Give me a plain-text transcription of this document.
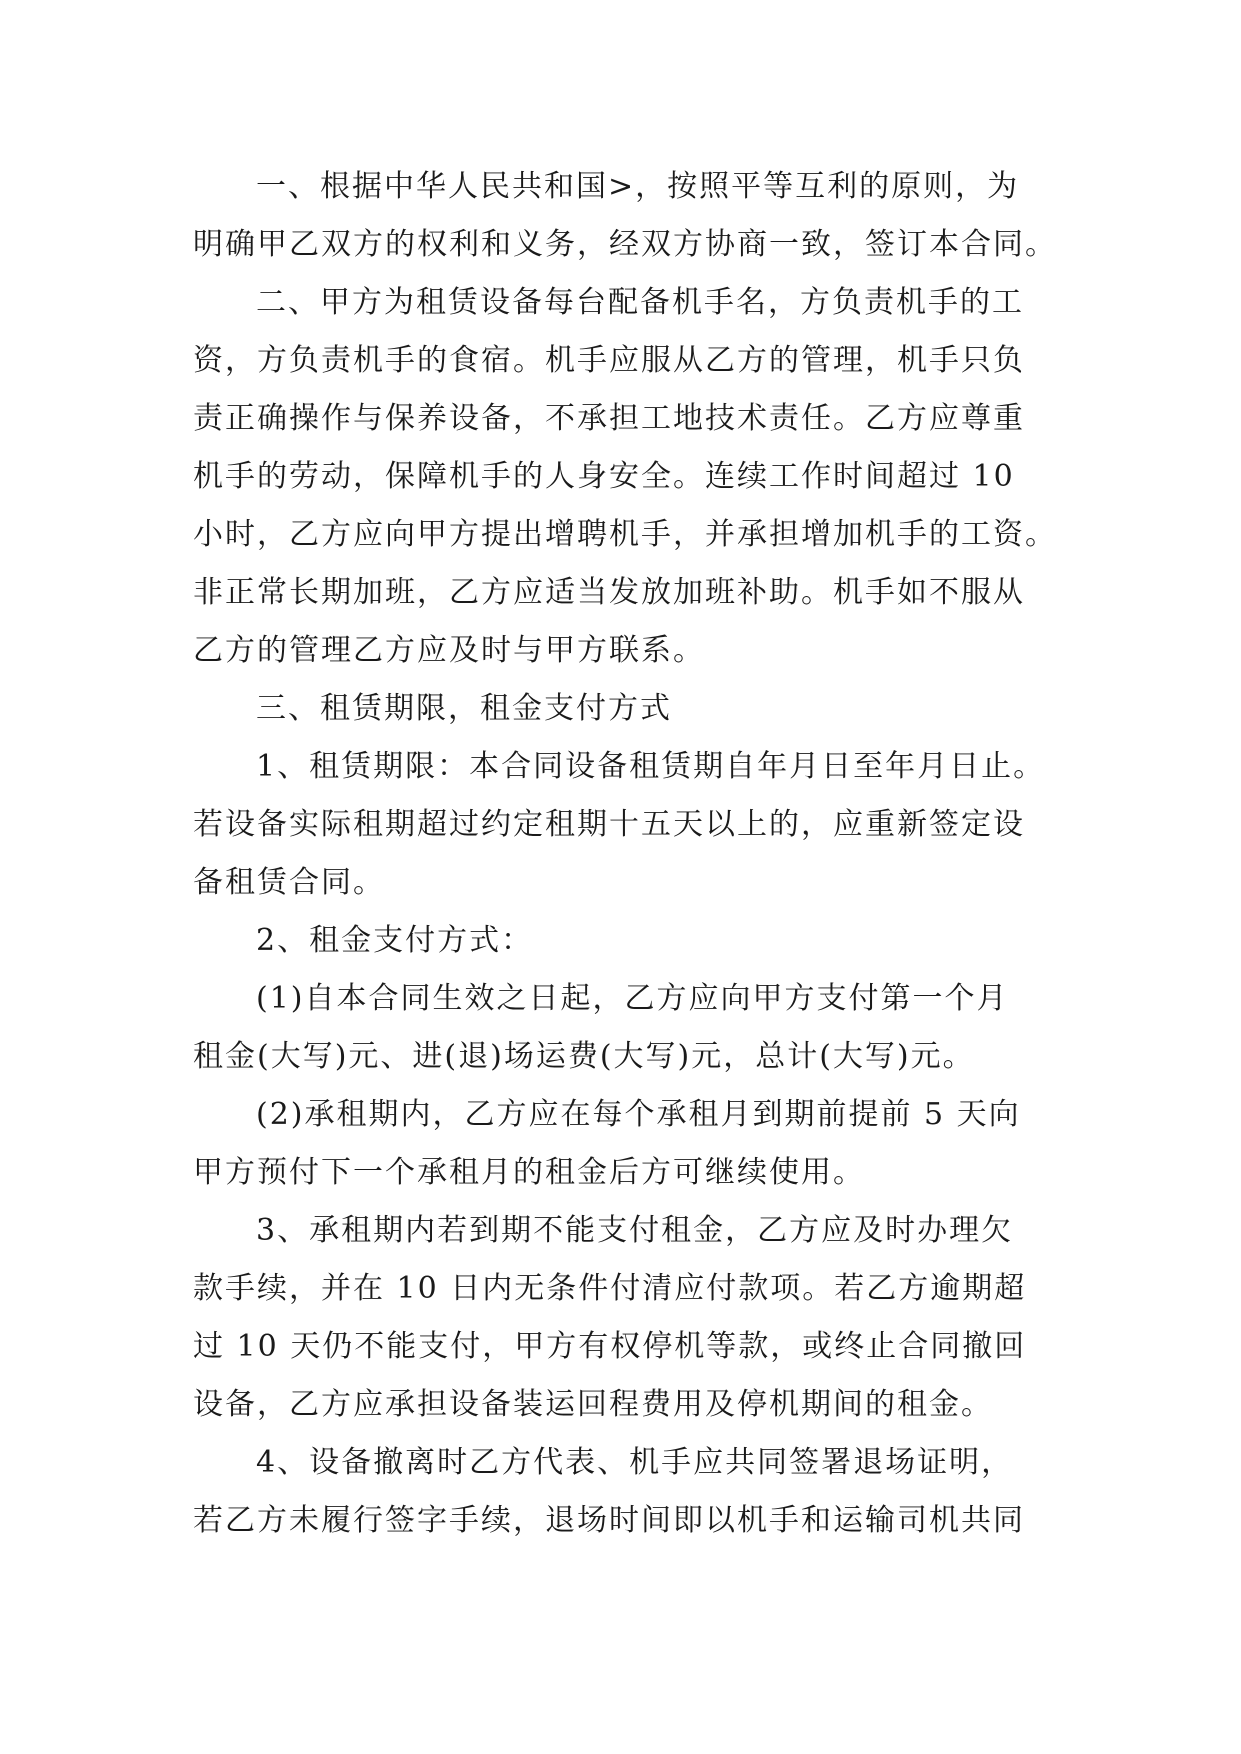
一、根据中华人民共和国>，按照平等互利的原则，为
明确甲乙双方的权利和义务，经双方协商一致，签订本合同。
二、甲方为租赁设备每台配备机手名，方负责机手的工
资，方负责机手的食宿。机手应服从乙方的管理，机手只负
责正确操作与保养设备，不承担工地技术责任。乙方应尊重
机手的劳动，保障机手的人身安全。连续工作时间超过 10
小时，乙方应向甲方提出增聘机手，并承担增加机手的工资。
非正常长期加班，乙方应适当发放加班补助。机手如不服从
乙方的管理乙方应及时与甲方联系。
三、租赁期限，租金支付方式
1、租赁期限：本合同设备租赁期自年月日至年月日止。
若设备实际租期超过约定租期十五天以上的，应重新签定设
备租赁合同。
2、租金支付方式：
(1)自本合同生效之日起，乙方应向甲方支付第一个月
租金(大写)元、进(退)场运费(大写)元，总计(大写)元。
(2)承租期内，乙方应在每个承租月到期前提前 5 天向
甲方预付下一个承租月的租金后方可继续使用。
3、承租期内若到期不能支付租金，乙方应及时办理欠
款手续，并在 10 日内无条件付清应付款项。若乙方逾期超
过 10 天仍不能支付，甲方有权停机等款，或终止合同撤回
设备，乙方应承担设备装运回程费用及停机期间的租金。
4、设备撤离时乙方代表、机手应共同签署退场证明，
若乙方未履行签字手续，退场时间即以机手和运输司机共同
